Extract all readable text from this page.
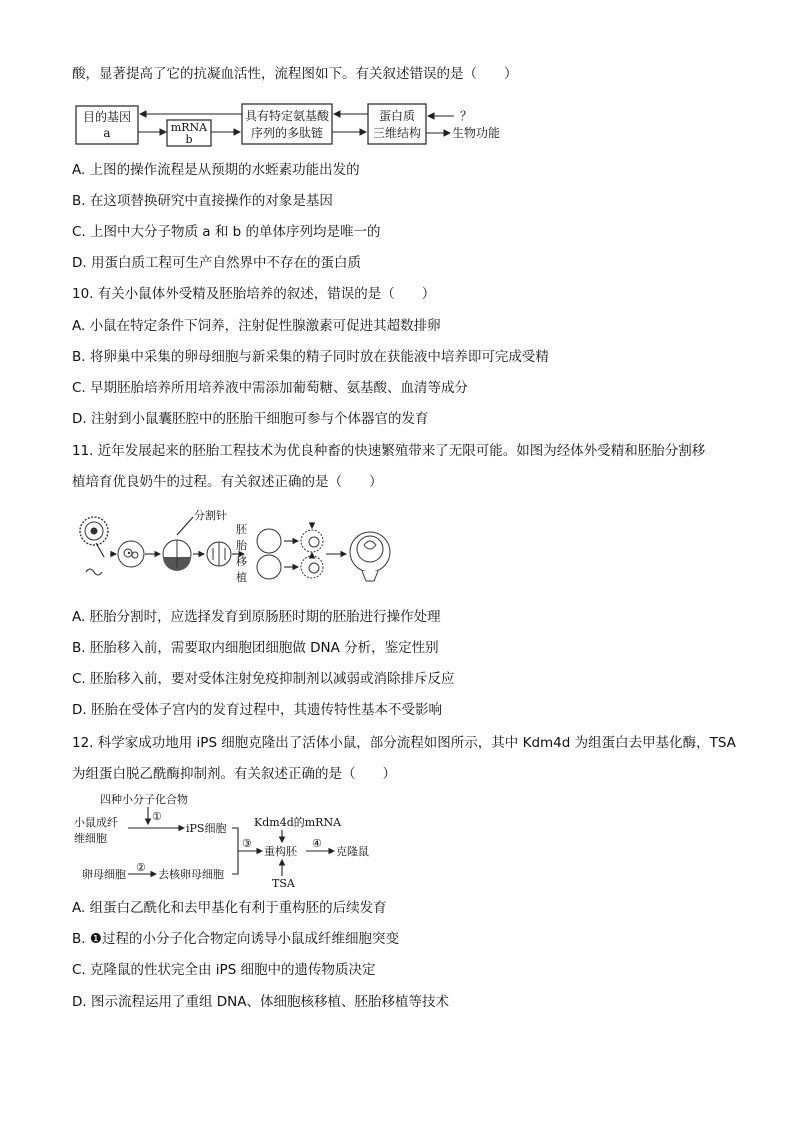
酸，显著提高了它的抗凝血活性，流程图如下。有关叙述错误的是（　　）
目的基因
a	mRNA
b
具有特定氨基酸
序列的多肽链
蛋白质
三维结构
？
生物功能
A. 上图的操作流程是从预期的水蛭素功能出发的
B. 在这项替换研究中直接操作的对象是基因
C. 上图中大分子物质 a 和 b 的单体序列均是唯一的
D. 用蛋白质工程可生产自然界中不存在的蛋白质
10. 有关小鼠体外受精及胚胎培养的叙述，错误的是（　　）
A. 小鼠在特定条件下饲养，注射促性腺激素可促进其超数排卵
B. 将卵巢中采集的卵母细胞与新采集的精子同时放在获能液中培养即可完成受精
C. 早期胚胎培养所用培养液中需添加葡萄糖、氨基酸、血清等成分
D. 注射到小鼠囊胚腔中的胚胎干细胞可参与个体器官的发育
11. 近年发展起来的胚胎工程技术为优良种畜的快速繁殖带来了无限可能。如图为经体外受精和胚胎分割移
植培育优良奶牛的过程。有关叙述正确的是（　　）
分割针
胚
胎
移
植
A. 胚胎分割时，应选择发育到原肠胚时期的胚胎进行操作处理
B. 胚胎移入前，需要取内细胞团细胞做 DNA 分析，鉴定性别
C. 胚胎移入前，要对受体注射免疫抑制剂以减弱或消除排斥反应
D. 胚胎在受体子宫内的发育过程中，其遗传特性基本不受影响
12. 科学家成功地用 iPS 细胞克隆出了活体小鼠，部分流程如图所示，其中 Kdm4d 为组蛋白去甲基化酶，TSA
为组蛋白脱乙酰酶抑制剂。有关叙述正确的是（　　）
四种小分子化合物
①
小鼠成纤
维细胞
iPS细胞
卵母细胞
②
去核卵母细胞
③
重构胚
Kdm4d的mRNA
TSA
④
克隆鼠
A. 组蛋白乙酰化和去甲基化有利于重构胚的后续发育
B. ❶过程的小分子化合物定向诱导小鼠成纤维细胞突变
C. 克隆鼠的性状完全由 iPS 细胞中的遗传物质决定
D. 图示流程运用了重组 DNA、体细胞核移植、胚胎移植等技术
